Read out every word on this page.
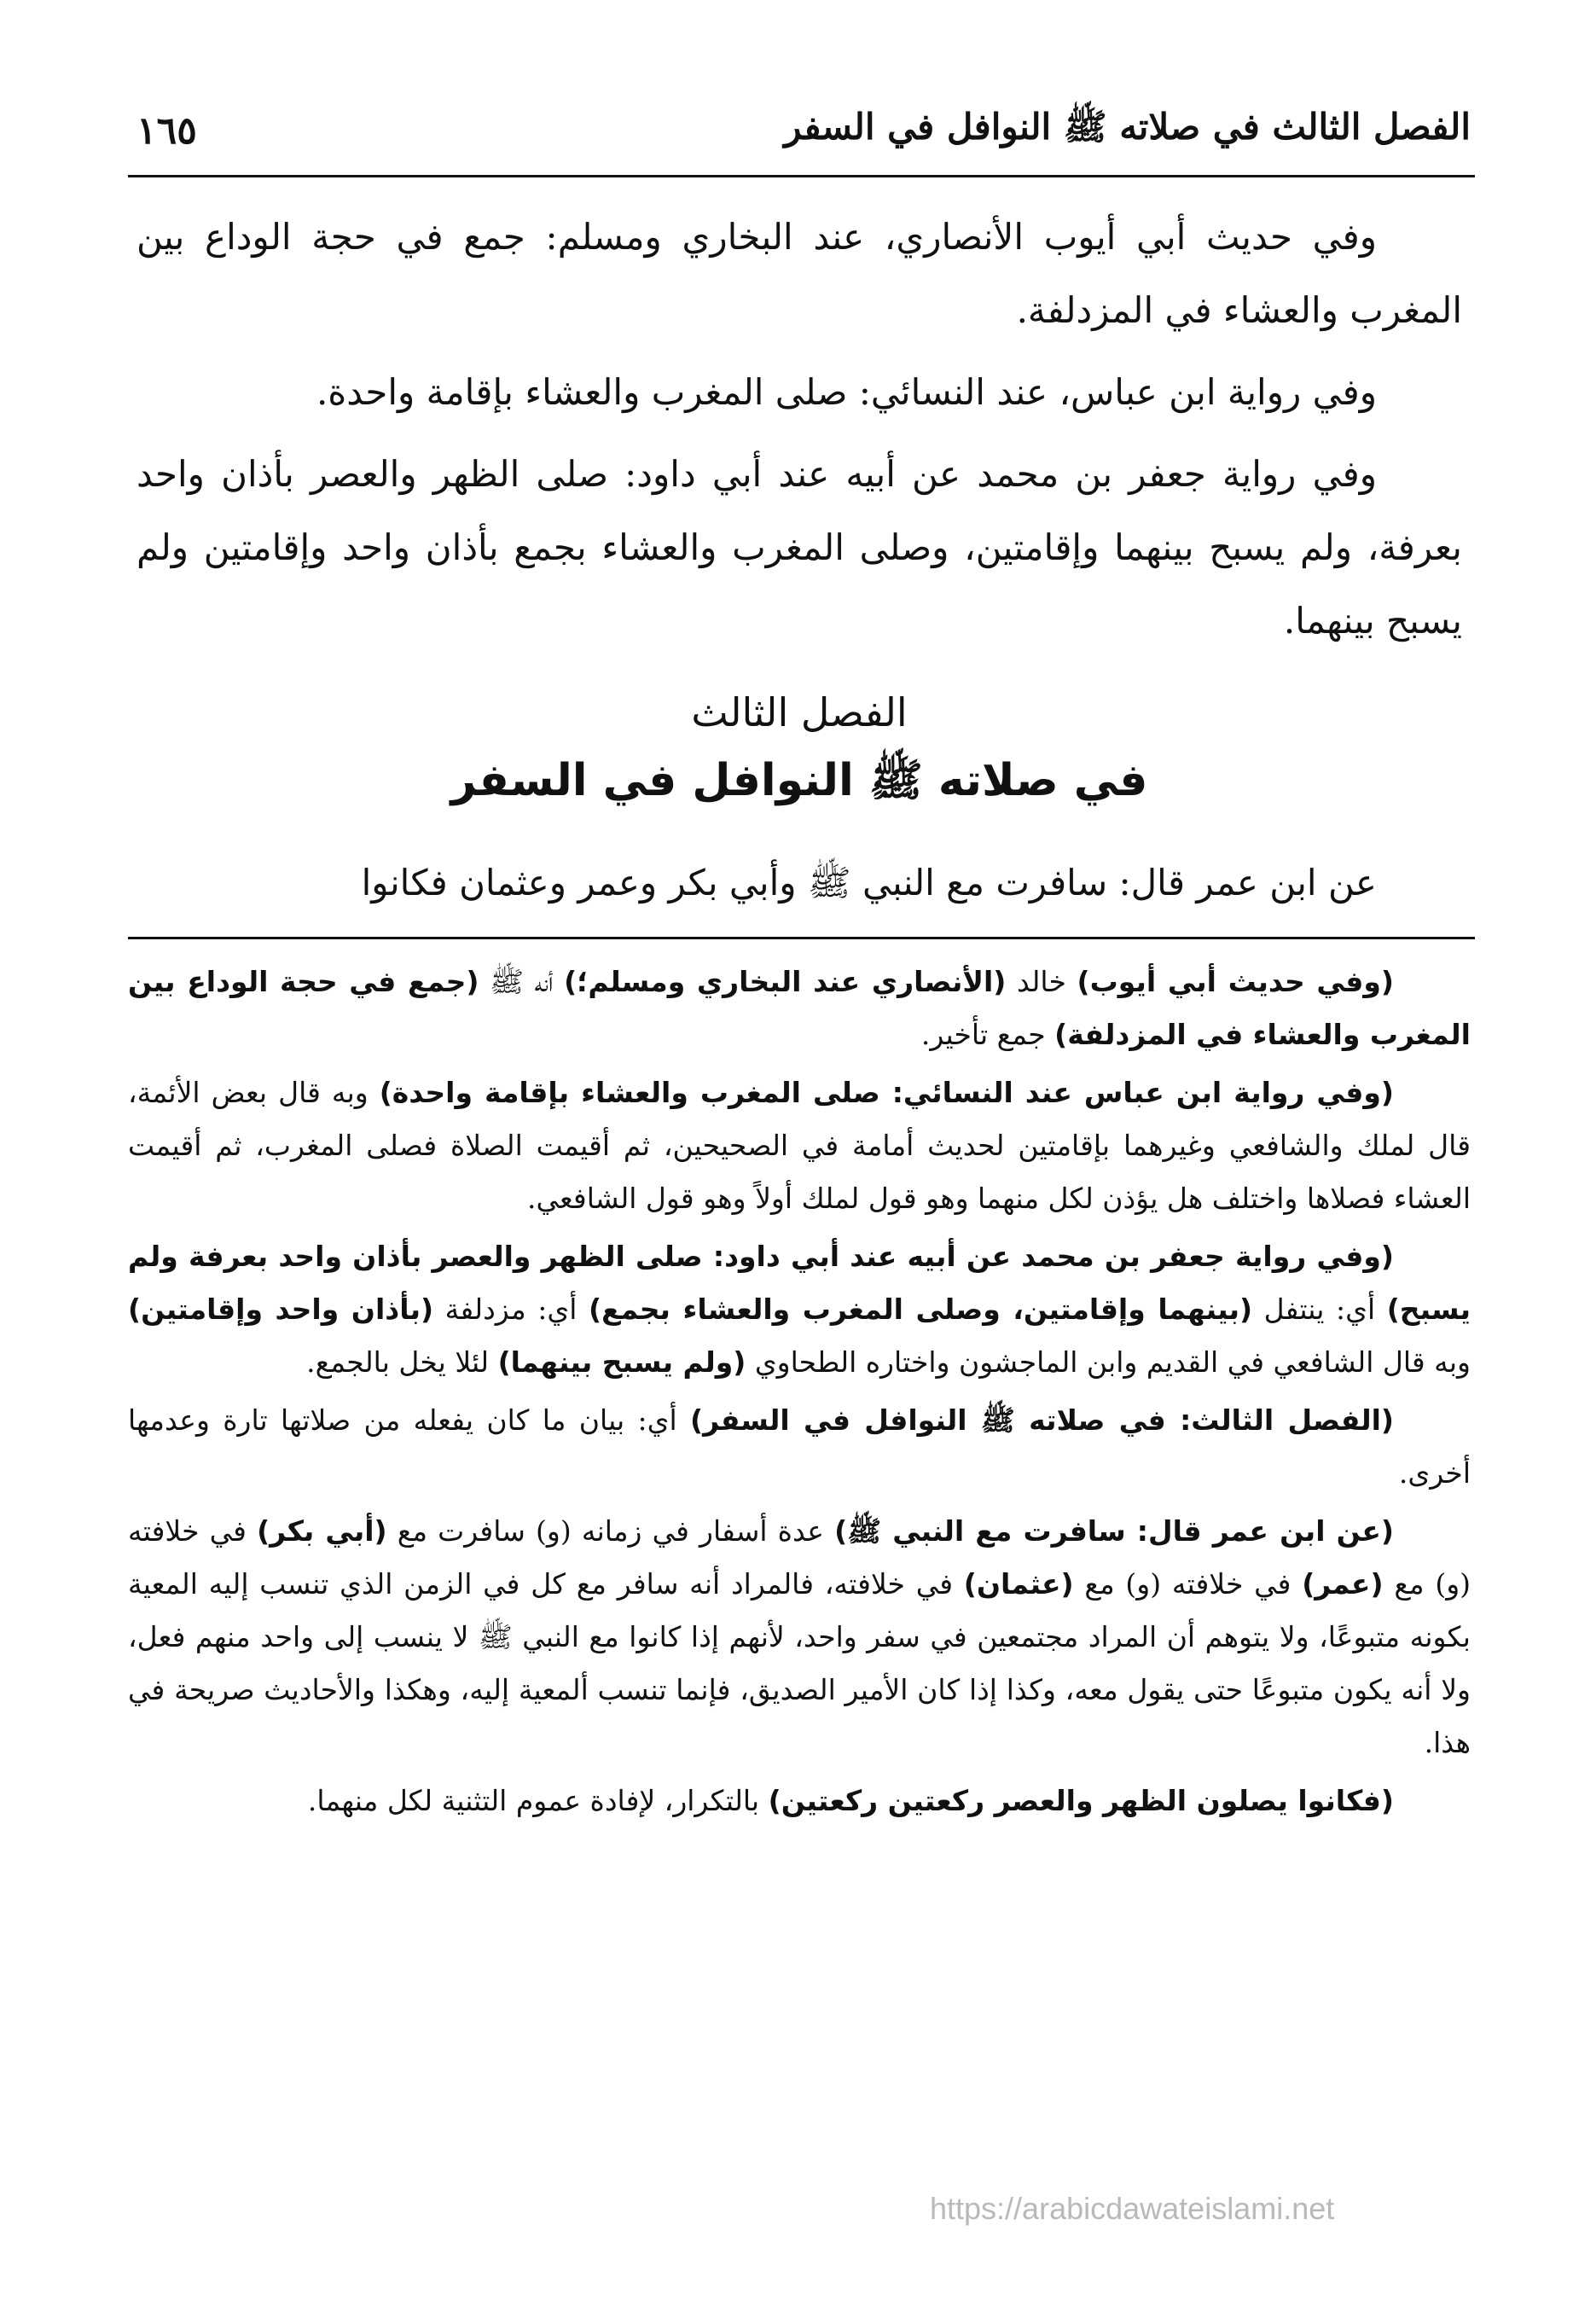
الفصل الثالث في صلاته ﷺ النوافل في السفر
١٦٥

وفي حديث أبي أيوب الأنصاري، عند البخاري ومسلم: جمع في حجة الوداع بين المغرب والعشاء في المزدلفة.

وفي رواية ابن عباس، عند النسائي: صلى المغرب والعشاء بإقامة واحدة.

وفي رواية جعفر بن محمد عن أبيه عند أبي داود: صلى الظهر والعصر بأذان واحد بعرفة، ولم يسبح بينهما وإقامتين، وصلى المغرب والعشاء بجمع بأذان واحد وإقامتين ولم يسبح بينهما.

الفصل الثالث
في صلاته ﷺ النوافل في السفر
عن ابن عمر قال: سافرت مع النبي ﷺ وأبي بكر وعمر وعثمان فكانوا

(وفي حديث أبي أيوب) خالد (الأنصاري عند البخاري ومسلم؛) أنه ﷺ (جمع في حجة الوداع بين المغرب والعشاء في المزدلفة) جمع تأخير.

(وفي رواية ابن عباس عند النسائي: صلى المغرب والعشاء بإقامة واحدة) وبه قال بعض الأئمة، قال لملك والشافعي وغيرهما بإقامتين لحديث أمامة في الصحيحين، ثم أقيمت الصلاة فصلى المغرب، ثم أقيمت العشاء فصلاها واختلف هل يؤذن لكل منهما وهو قول لملك أولاً وهو قول الشافعي.

(وفي رواية جعفر بن محمد عن أبيه عند أبي داود: صلى الظهر والعصر بأذان واحد بعرفة ولم يسبح) أي: ينتفل (بينهما وإقامتين، وصلى المغرب والعشاء بجمع) أي: مزدلفة (بأذان واحد وإقامتين) وبه قال الشافعي في القديم وابن الماجشون واختاره الطحاوي (ولم يسبح بينهما) لئلا يخل بالجمع.

(الفصل الثالث: في صلاته ﷺ النوافل في السفر) أي: بيان ما كان يفعله من صلاتها تارة وعدمها أخرى.

(عن ابن عمر قال: سافرت مع النبي ﷺ) عدة أسفار في زمانه (و) سافرت مع (أبي بكر) في خلافته (و) مع (عمر) في خلافته (و) مع (عثمان) في خلافته، فالمراد أنه سافر مع كل في الزمن الذي تنسب إليه المعية بكونه متبوعًا، ولا يتوهم أن المراد مجتمعين في سفر واحد، لأنهم إذا كانوا مع النبي ﷺ لا ينسب إلى واحد منهم فعل، ولا أنه يكون متبوعًا حتى يقول معه، وكذا إذا كان الأمير الصديق، فإنما تنسب ألمعية إليه، وهكذا والأحاديث صريحة في هذا.

(فكانوا يصلون الظهر والعصر ركعتين ركعتين) بالتكرار، لإفادة عموم التثنية لكل منهما.

https://arabicdawateislami.net
